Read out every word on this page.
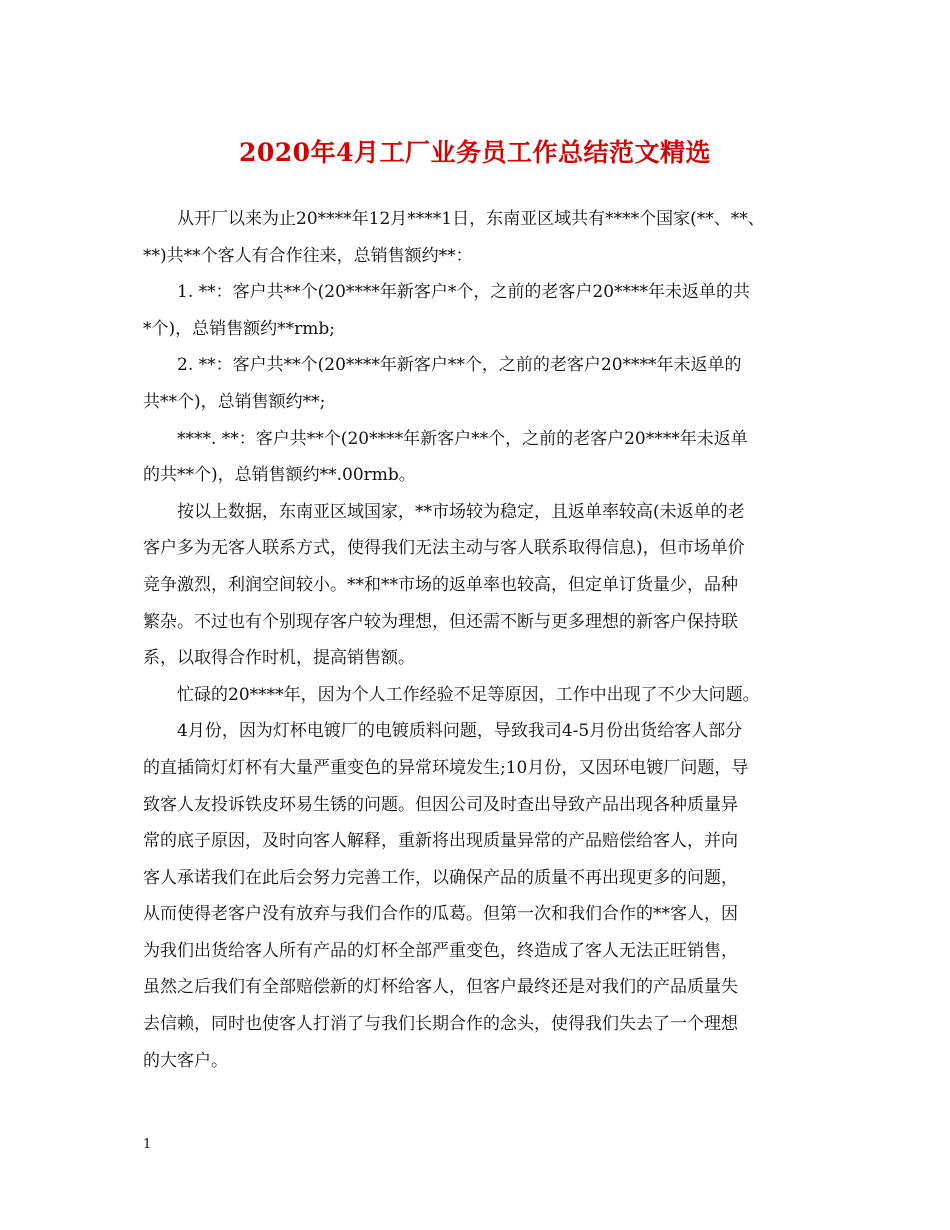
2020年4月工厂业务员工作总结范文精选
从开厂以来为止20****年12月****1日，东南亚区域共有****个国家(**、**、
**)共**个客人有合作往来，总销售额约**：
1. **：客户共**个(20****年新客户*个，之前的老客户20****年未返单的共
*个)，总销售额约**rmb;
2. **：客户共**个(20****年新客户**个，之前的老客户20****年未返单的
共**个)，总销售额约**;
****. **：客户共**个(20****年新客户**个，之前的老客户20****年未返单
的共**个)，总销售额约**.00rmb。
按以上数据，东南亚区域国家，**市场较为稳定，且返单率较高(未返单的老
客户多为无客人联系方式，使得我们无法主动与客人联系取得信息)，但市场单价
竞争激烈，利润空间较小。**和**市场的返单率也较高，但定单订货量少，品种
繁杂。不过也有个别现存客户较为理想，但还需不断与更多理想的新客户保持联
系，以取得合作时机，提高销售额。
忙碌的20****年，因为个人工作经验不足等原因，工作中出现了不少大问题。
4月份，因为灯杯电镀厂的电镀质料问题，导致我司4-5月份出货给客人部分
的直插筒灯灯杯有大量严重变色的异常环境发生;10月份，又因环电镀厂问题，导
致客人友投诉铁皮环易生锈的问题。但因公司及时查出导致产品出现各种质量异
常的底子原因，及时向客人解释，重新将出现质量异常的产品赔偿给客人，并向
客人承诺我们在此后会努力完善工作，以确保产品的质量不再出现更多的问题，
从而使得老客户没有放弃与我们合作的瓜葛。但第一次和我们合作的**客人，因
为我们出货给客人所有产品的灯杯全部严重变色，终造成了客人无法正旺销售，
虽然之后我们有全部赔偿新的灯杯给客人，但客户最终还是对我们的产品质量失
去信赖，同时也使客人打消了与我们长期合作的念头，使得我们失去了一个理想
的大客户。
1
